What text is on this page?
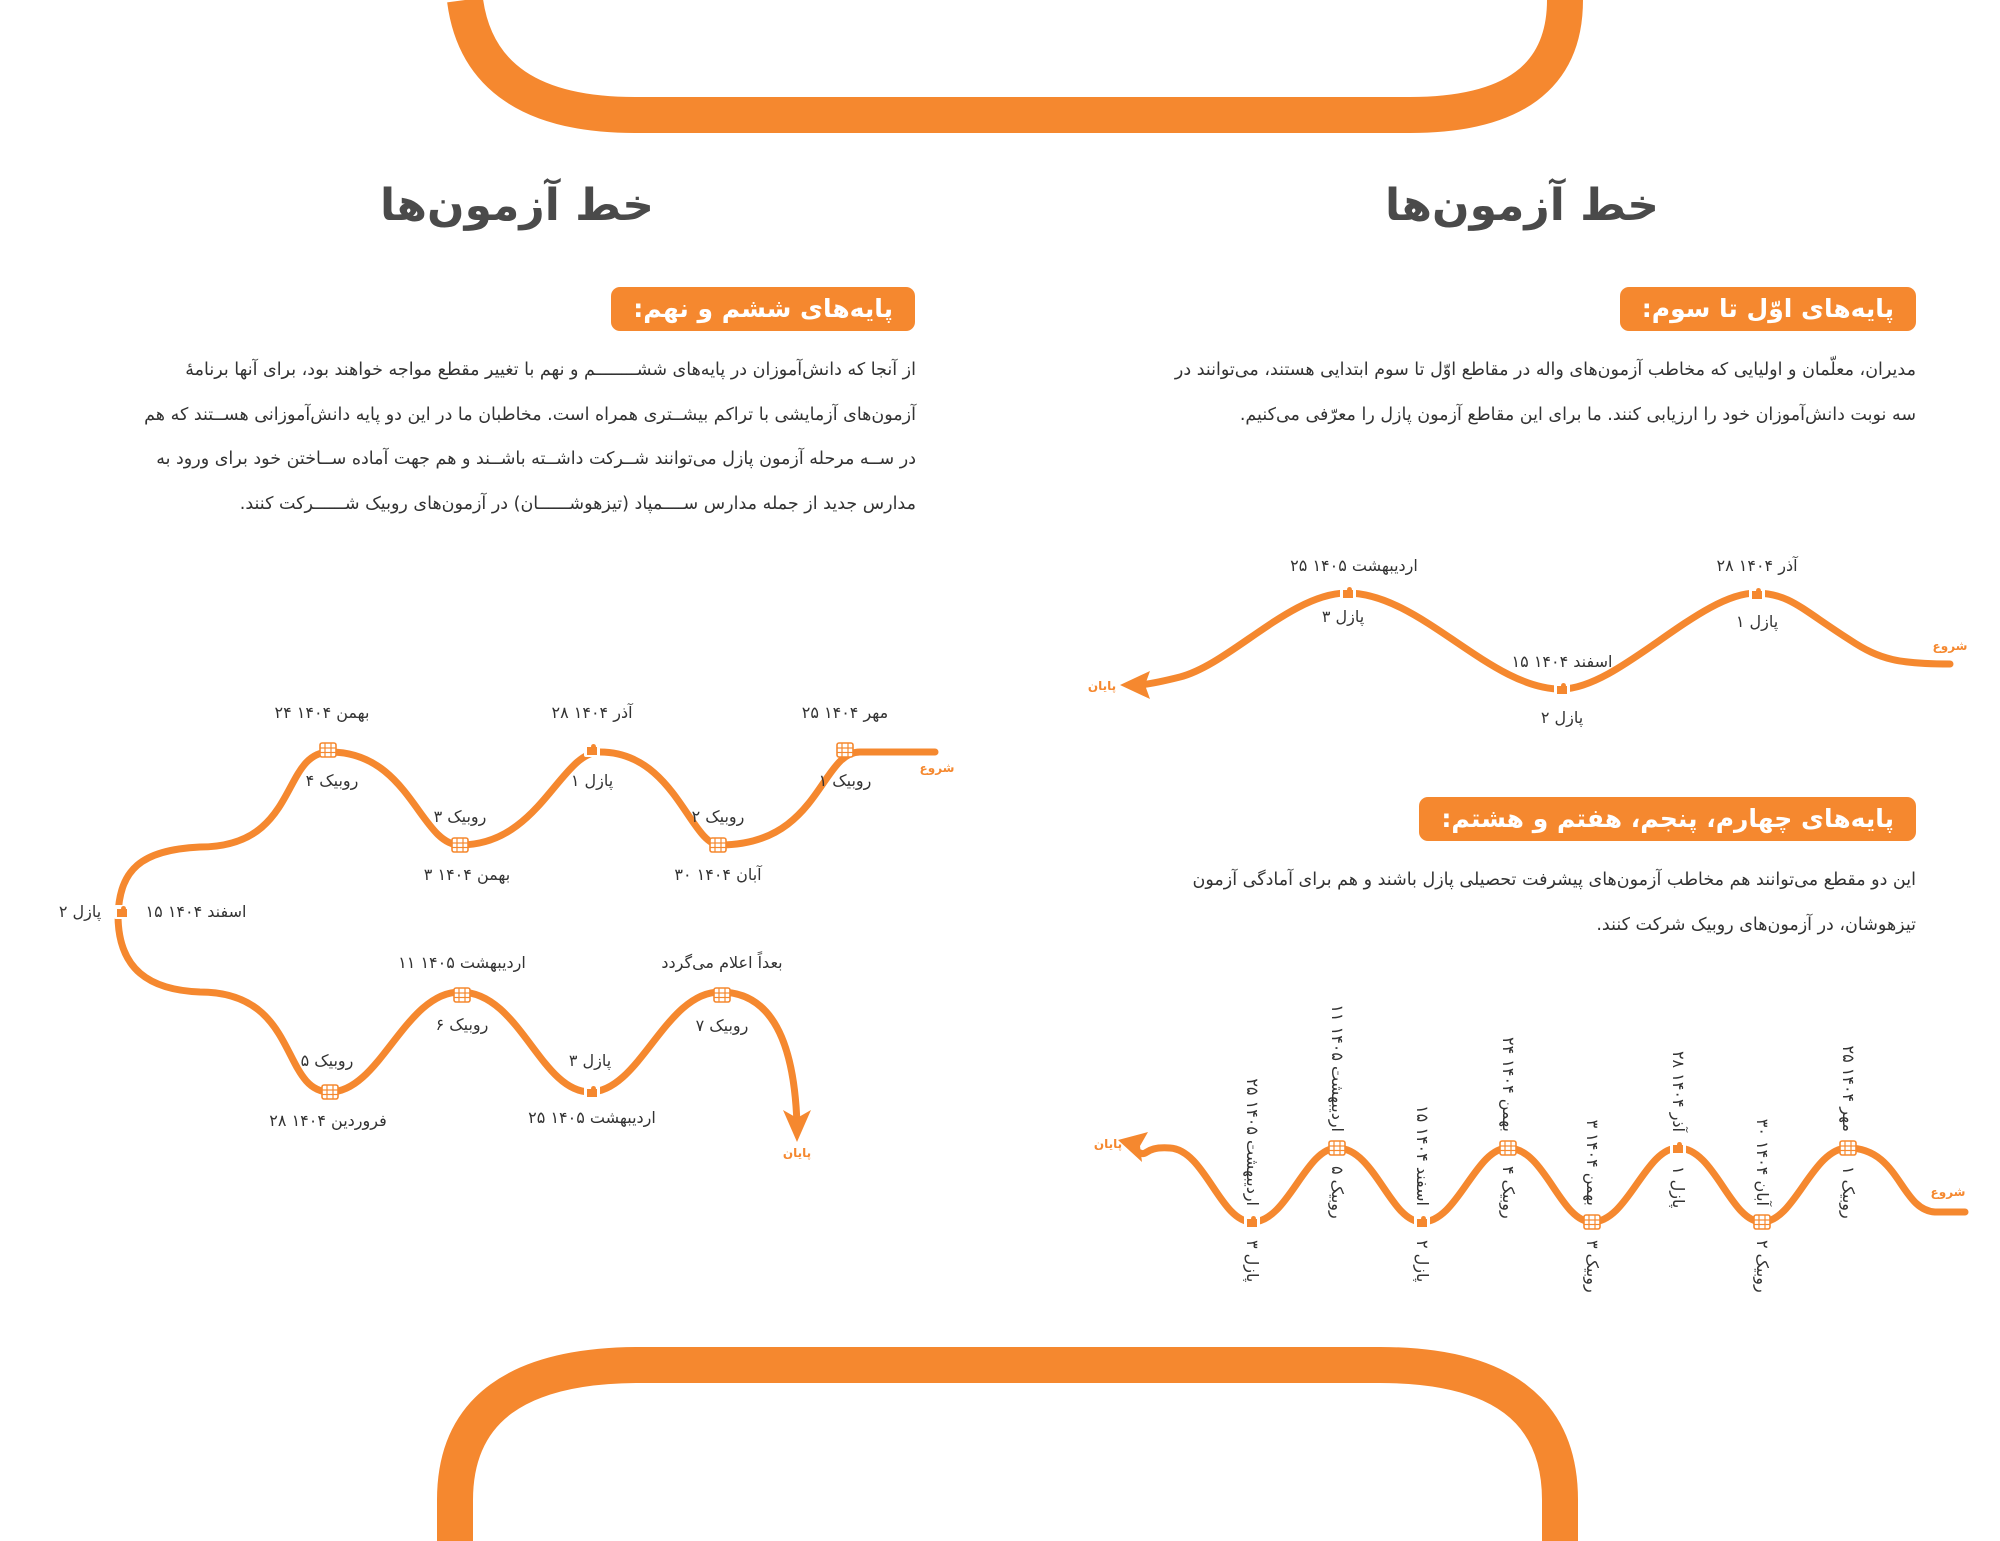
خط آزمون‌ها
خط آزمون‌ها
پایه‌های اوّل تا سوم:

مدیران، معلّمان و اولیایی که مخاطب آزمون‌های واله در مقاطع اوّل تا سوم ابتدایی هستند، می‌توانند در

سه نوبت دانش‌آموزان خود را ارزیابی کنند. ما برای این مقاطع آزمون پازل را معرّفی می‌کنیم.

پایه‌های چهارم، پنجم، هفتم و هشتم:

این دو مقطع می‌توانند هم مخاطب آزمون‌های پیشرفت تحصیلی پازل باشند و هم برای آمادگی آزمون

تیزهوشان، در آزمون‌های روبیک شرکت کنند.

پایه‌های ششم و نهم:

از آنجا که دانش‌آموزان در پایه‌های ششــــــــم و نهم با تغییر مقطع مواجه خواهند بود، برای آنها برنامهٔ

آزمون‌های آزمایشی با تراکم بیشــتری همراه است. مخاطبان ما در این دو پایه دانش‌آموزانی هســتند که هم

در ســه مرحله آزمون پازل می‌توانند شــرکت داشــته باشــند و هم جهت آماده ســاختن خود برای ورود به

مدارس جدید از جمله مدارس ســــمپاد (تیزهوشــــــان) در آزمون‌های روبیک شــــــرکت کنند.

شروع
پایان
۲۸ آذر ۱۴۰۴
پازل ۱
۱۵ اسفند ۱۴۰۴
پازل ۲
۲۵ اردیبهشت ۱۴۰۵
پازل ۳
شروع
پایان
۲۵ مهر ۱۴۰۴
روبیک ۱
۳۰ آبان ۱۴۰۴
روبیک ۲
۲۸ آذر ۱۴۰۴
پازل ۱
۳ بهمن ۱۴۰۴
روبیک ۳
۲۴ بهمن ۱۴۰۴
روبیک ۴
۱۵ اسفند ۱۴۰۴
پازل ۲
۱۱ اردیبهشت ۱۴۰۵
روبیک ۵
۲۵ اردیبهشت ۱۴۰۵
پازل ۳
شروع
پایان
۲۵ مهر ۱۴۰۴
روبیک ۱
۳۰ آبان ۱۴۰۴
روبیک ۲
۲۸ آذر ۱۴۰۴
پازل ۱
۳ بهمن ۱۴۰۴
روبیک ۳
۲۴ بهمن ۱۴۰۴
روبیک ۴
۱۵ اسفند ۱۴۰۴
پازل ۲
۲۸ فروردین ۱۴۰۴
روبیک ۵
۱۱ اردیبهشت ۱۴۰۵
روبیک ۶
۲۵ اردیبهشت ۱۴۰۵
پازل ۳
بعداً اعلام می‌گردد
روبیک ۷
